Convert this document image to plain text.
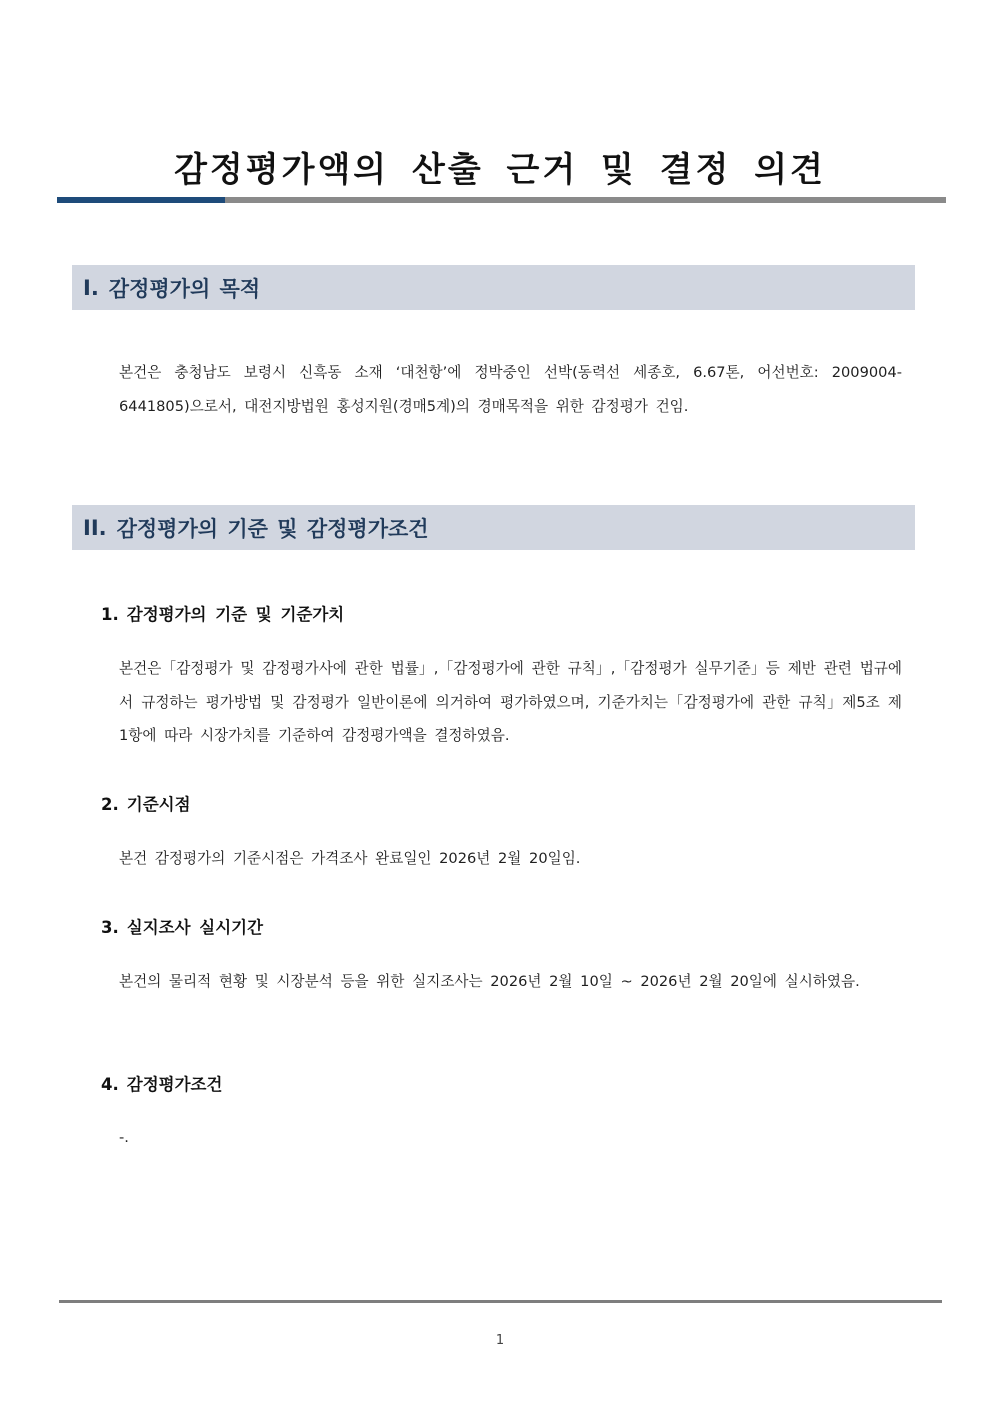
감정평가액의 산출 근거 및 결정 의견
I. 감정평가의 목적
본건은 충청남도 보령시 신흑동 소재 ‘대천항’에 정박중인 선박(동력선 세종호, 6.67톤, 어선번호: 2009004-6441805)으로서, 대전지방법원 홍성지원(경매5계)의 경매목적을 위한 감정평가 건임.
II. 감정평가의 기준 및 감정평가조건
1. 감정평가의 기준 및 기준가치
본건은「감정평가 및 감정평가사에 관한 법률」,「감정평가에 관한 규칙」,「감정평가 실무기준」등 제반 관련 법규에서 규정하는 평가방법 및 감정평가 일반이론에 의거하여 평가하였으며, 기준가치는「감정평가에 관한 규칙」제5조 제1항에 따라 시장가치를 기준하여 감정평가액을 결정하였음.
2. 기준시점
본건 감정평가의 기준시점은 가격조사 완료일인 2026년 2월 20일임.
3. 실지조사 실시기간
본건의 물리적 현황 및 시장분석 등을 위한 실지조사는 2026년 2월 10일 ~ 2026년 2월 20일에 실시하였음.
4. 감정평가조건
-.
1
